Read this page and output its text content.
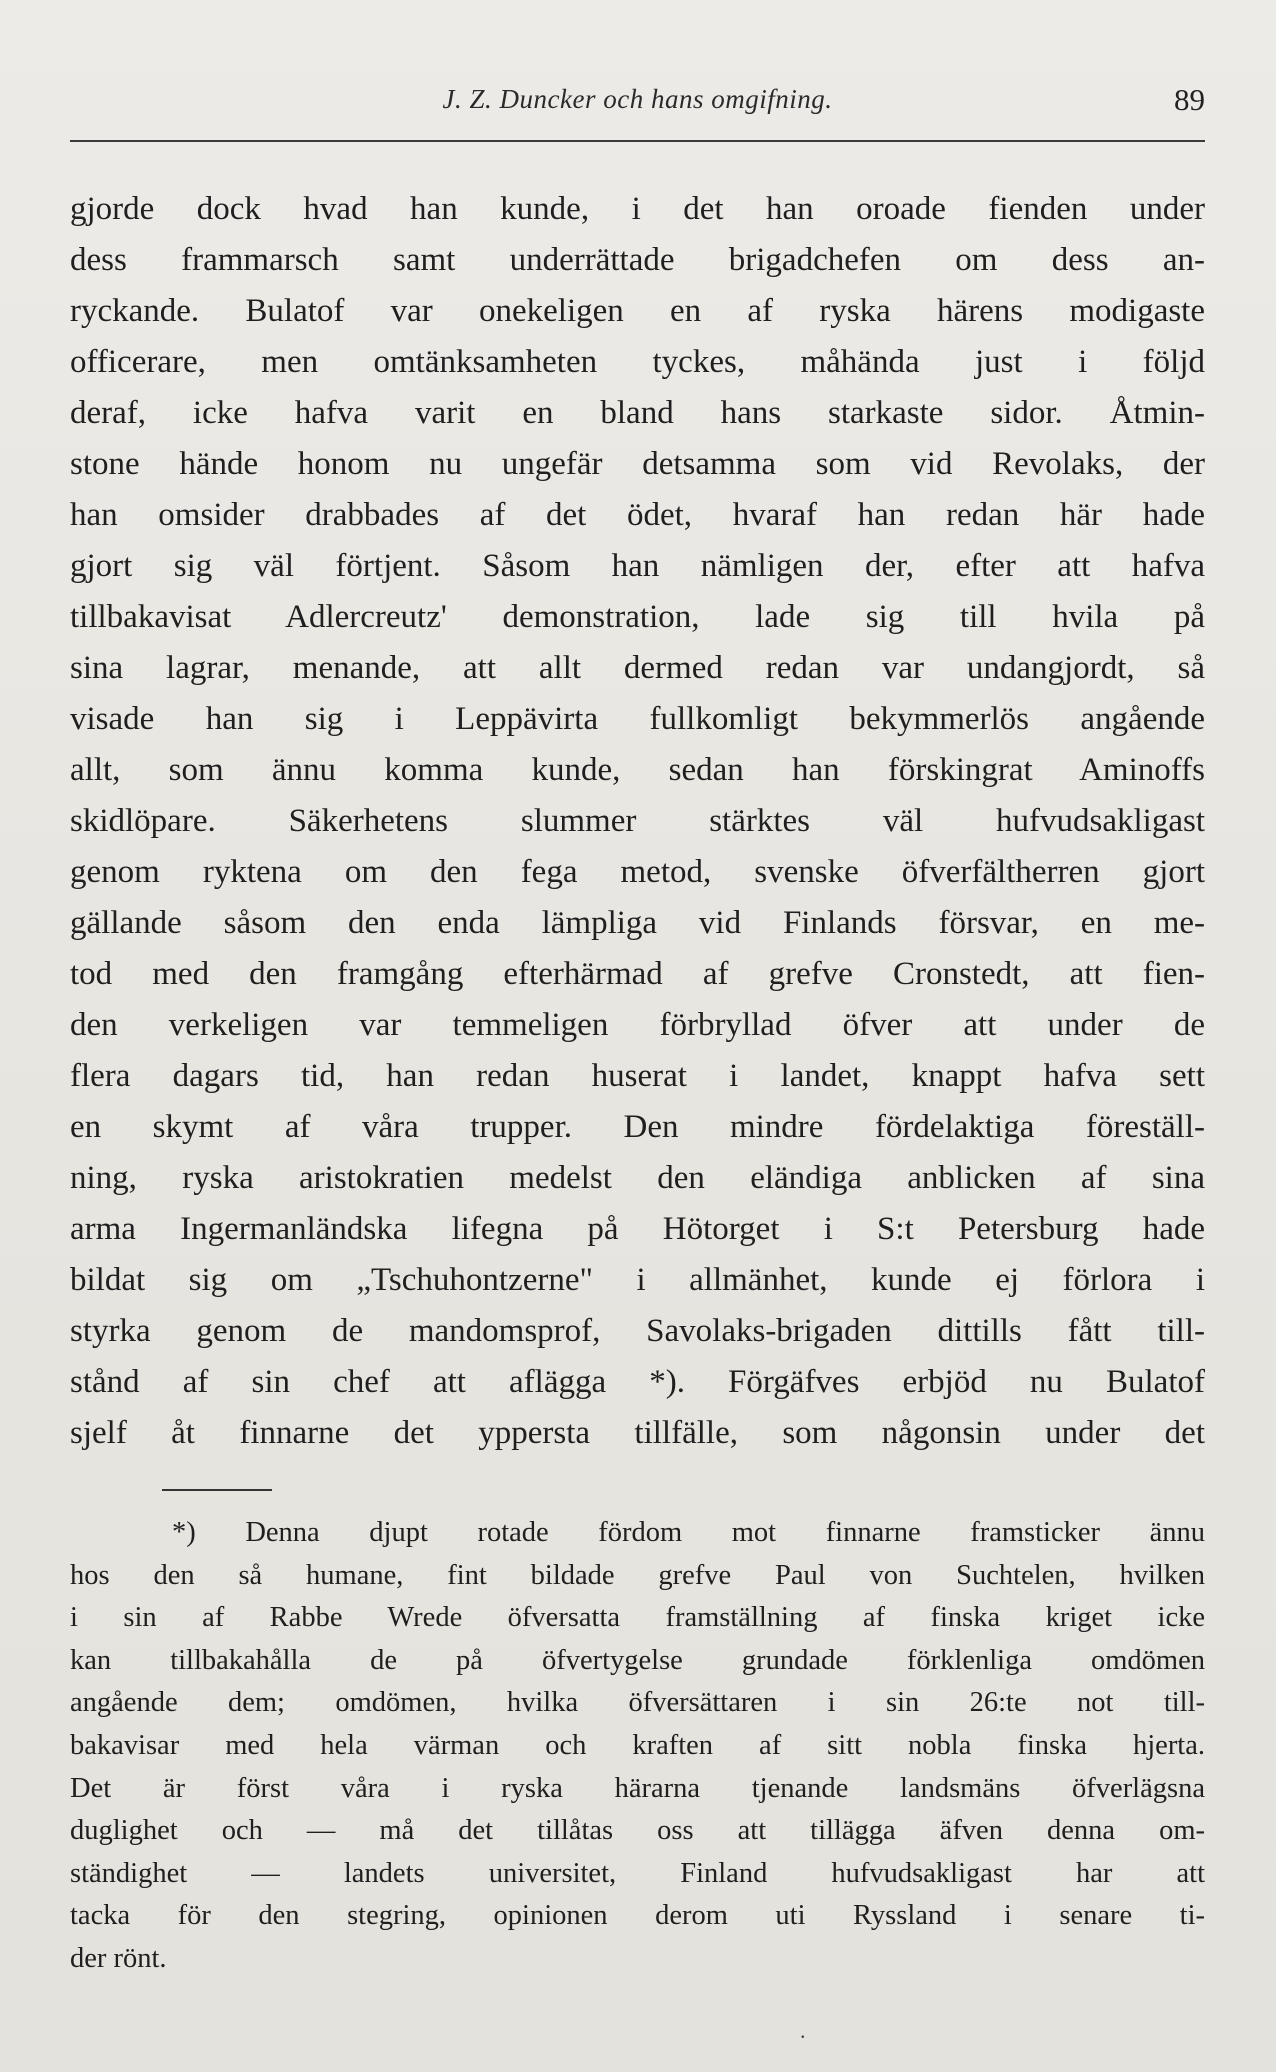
J. Z. Duncker och hans omgifning.	89
gjorde dock hvad han kunde, i det han oroade fienden under
dess frammarsch samt underrättade brigadchefen om dess an-
ryckande. Bulatof var onekeligen en af ryska härens modigaste
officerare, men omtänksamheten tyckes, måhända just i följd
deraf, icke hafva varit en bland hans starkaste sidor. Åtmin-
stone hände honom nu ungefär detsamma som vid Revolaks, der
han omsider drabbades af det ödet, hvaraf han redan här hade
gjort sig väl förtjent. Såsom han nämligen der, efter att hafva
tillbakavisat Adlercreutz' demonstration, lade sig till hvila på
sina lagrar, menande, att allt dermed redan var undangjordt, så
visade han sig i Leppävirta fullkomligt bekymmerlös angående
allt, som ännu komma kunde, sedan han förskingrat Aminoffs
skidlöpare. Säkerhetens slummer stärktes väl hufvudsakligast
genom ryktena om den fega metod, svenske öfverfältherren gjort
gällande såsom den enda lämpliga vid Finlands försvar, en me-
tod med den framgång efterhärmad af grefve Cronstedt, att fien-
den verkeligen var temmeligen förbryllad öfver att under de
flera dagars tid, han redan huserat i landet, knappt hafva sett
en skymt af våra trupper. Den mindre fördelaktiga föreställ-
ning, ryska aristokratien medelst den eländiga anblicken af sina
arma Ingermanländska lifegna på Hötorget i S:t Petersburg hade
bildat sig om „Tschuhontzerne" i allmänhet, kunde ej förlora i
styrka genom de mandomsprof, Savolaks-brigaden dittills fått till-
stånd af sin chef att aflägga *). Förgäfves erbjöd nu Bulatof
sjelf åt finnarne det yppersta tillfälle, som någonsin under det
*) Denna djupt rotade fördom mot finnarne framsticker ännu
hos den så humane, fint bildade grefve Paul von Suchtelen, hvilken
i sin af Rabbe Wrede öfversatta framställning af finska kriget icke
kan tillbakahålla de på öfvertygelse grundade förklenliga omdömen
angående dem; omdömen, hvilka öfversättaren i sin 26:te not till-
bakavisar med hela värman och kraften af sitt nobla finska hjerta.
Det är först våra i ryska härarna tjenande landsmäns öfverlägsna
duglighet och — må det tillåtas oss att tillägga äfven denna om-
ständighet — landets universitet, Finland hufvudsakligast har att
tacka för den stegring, opinionen derom uti Ryssland i senare ti-
der rönt.
.
